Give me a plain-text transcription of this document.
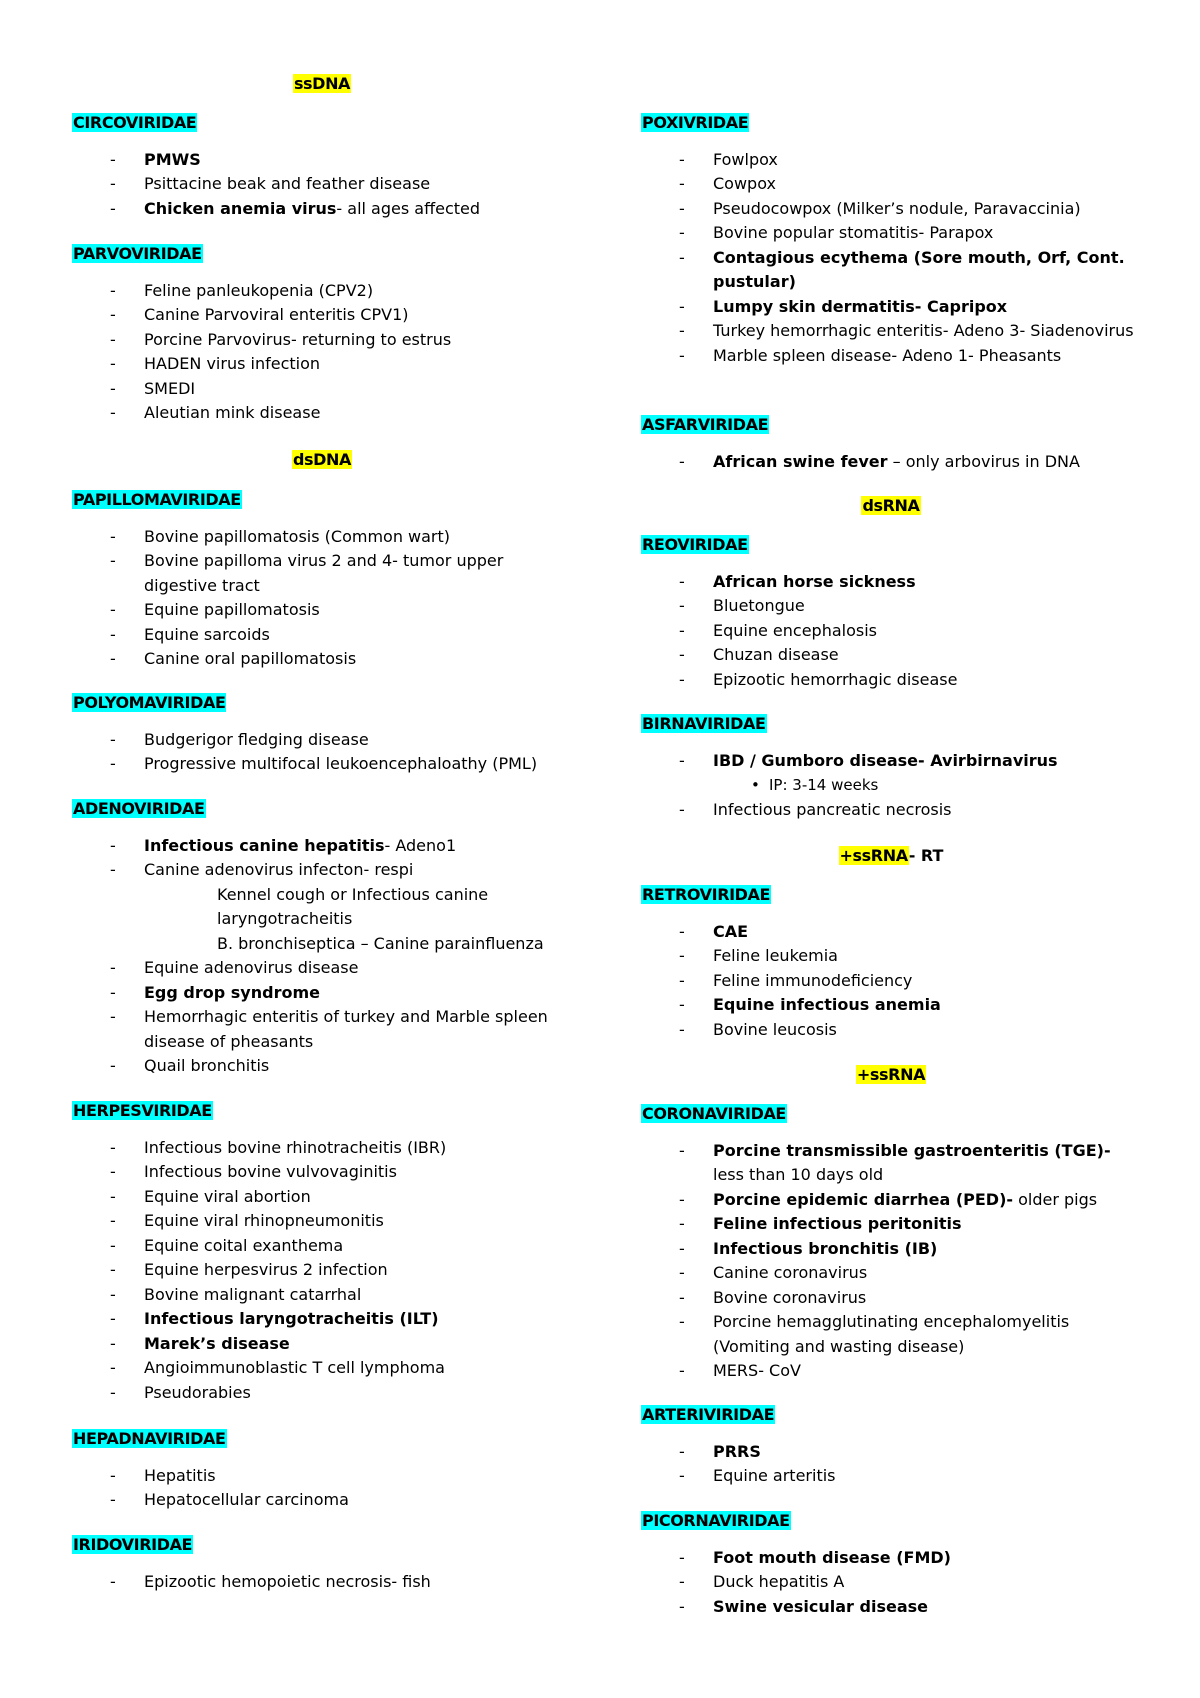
ssDNA
CIRCOVIRIDAE
- PMWS
- Psittacine beak and feather disease
- Chicken anemia virus- all ages affected
PARVOVIRIDAE
- Feline panleukopenia (CPV2)
- Canine Parvoviral enteritis CPV1)
- Porcine Parvovirus- returning to estrus
- HADEN virus infection
- SMEDI
- Aleutian mink disease
dsDNA
PAPILLOMAVIRIDAE
- Bovine papillomatosis (Common wart)
- Bovine papilloma virus 2 and 4- tumor upper digestive tract
- Equine papillomatosis
- Equine sarcoids
- Canine oral papillomatosis
POLYOMAVIRIDAE
- Budgerigor fledging disease
- Progressive multifocal leukoencephaloathy (PML)
ADENOVIRIDAE
- Infectious canine hepatitis- Adeno1
- Canine adenovirus infecton- respi
Kennel cough or Infectious canine laryngotracheitis
B. bronchiseptica – Canine parainfluenza
- Equine adenovirus disease
- Egg drop syndrome
- Hemorrhagic enteritis of turkey and Marble spleen disease of pheasants
- Quail bronchitis
HERPESVIRIDAE
- Infectious bovine rhinotracheitis (IBR)
- Infectious bovine vulvovaginitis
- Equine viral abortion
- Equine viral rhinopneumonitis
- Equine coital exanthema
- Equine herpesvirus 2 infection
- Bovine malignant catarrhal
- Infectious laryngotracheitis (ILT)
- Marek’s disease
- Angioimmunoblastic T cell lymphoma
- Pseudorabies
HEPADNAVIRIDAE
- Hepatitis
- Hepatocellular carcinoma
IRIDOVIRIDAE
- Epizootic hemopoietic necrosis- fish
POXIVRIDAE
- Fowlpox
- Cowpox
- Pseudocowpox (Milker’s nodule, Paravaccinia)
- Bovine popular stomatitis- Parapox
- Contagious ecythema (Sore mouth, Orf, Cont. pustular)
- Lumpy skin dermatitis- Capripox
- Turkey hemorrhagic enteritis- Adeno 3- Siadenovirus
- Marble spleen disease- Adeno 1- Pheasants
ASFARVIRIDAE
- African swine fever – only arbovirus in DNA
dsRNA
REOVIRIDAE
- African horse sickness
- Bluetongue
- Equine encephalosis
- Chuzan disease
- Epizootic hemorrhagic disease
BIRNAVIRIDAE
- IBD / Gumboro disease- Avirbirnavirus
• IP: 3-14 weeks
- Infectious pancreatic necrosis
+ssRNA- RT
RETROVIRIDAE
- CAE
- Feline leukemia
- Feline immunodeficiency
- Equine infectious anemia
- Bovine leucosis
+ssRNA
CORONAVIRIDAE
- Porcine transmissible gastroenteritis (TGE)- less than 10 days old
- Porcine epidemic diarrhea (PED)- older pigs
- Feline infectious peritonitis
- Infectious bronchitis (IB)
- Canine coronavirus
- Bovine coronavirus
- Porcine hemagglutinating encephalomyelitis (Vomiting and wasting disease)
- MERS- CoV
ARTERIVIRIDAE
- PRRS
- Equine arteritis
PICORNAVIRIDAE
- Foot mouth disease (FMD)
- Duck hepatitis A
- Swine vesicular disease
